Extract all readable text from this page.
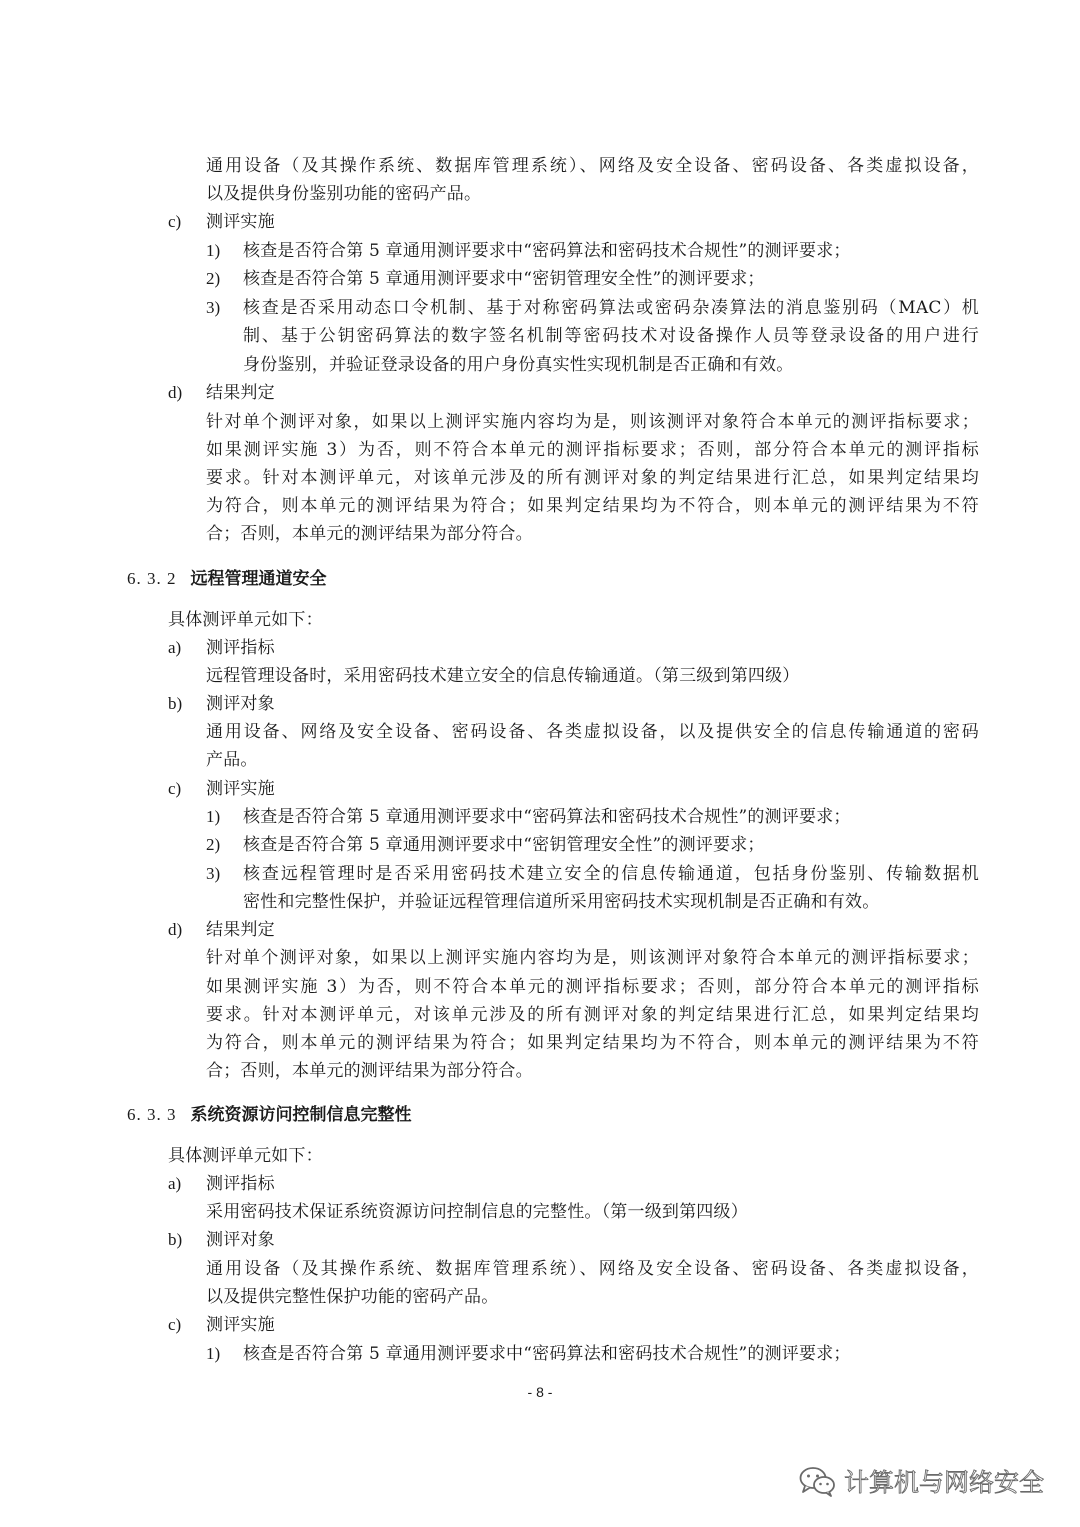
通用设备（及其操作系统、数据库管理系统）、网络及安全设备、密码设备、各类虚拟设备，
以及提供身份鉴别功能的密码产品。
c) 测评实施
1) 核查是否符合第 5 章通用测评要求中“密码算法和密码技术合规性”的测评要求；
2) 核查是否符合第 5 章通用测评要求中“密钥管理安全性”的测评要求；
3) 核查是否采用动态口令机制、基于对称密码算法或密码杂凑算法的消息鉴别码（MAC）机
制、基于公钥密码算法的数字签名机制等密码技术对设备操作人员等登录设备的用户进行
身份鉴别，并验证登录设备的用户身份真实性实现机制是否正确和有效。
d) 结果判定
针对单个测评对象，如果以上测评实施内容均为是，则该测评对象符合本单元的测评指标要求；
如果测评实施 3）为否，则不符合本单元的测评指标要求；否则，部分符合本单元的测评指标
要求。针对本测评单元，对该单元涉及的所有测评对象的判定结果进行汇总，如果判定结果均
为符合，则本单元的测评结果为符合；如果判定结果均为不符合，则本单元的测评结果为不符
合；否则，本单元的测评结果为部分符合。
6. 3. 2 远程管理通道安全
具体测评单元如下：
a) 测评指标
远程管理设备时，采用密码技术建立安全的信息传输通道。（第三级到第四级）
b) 测评对象
通用设备、网络及安全设备、密码设备、各类虚拟设备，以及提供安全的信息传输通道的密码
产品。
c) 测评实施
1) 核查是否符合第 5 章通用测评要求中“密码算法和密码技术合规性”的测评要求；
2) 核查是否符合第 5 章通用测评要求中“密钥管理安全性”的测评要求；
3) 核查远程管理时是否采用密码技术建立安全的信息传输通道，包括身份鉴别、传输数据机
密性和完整性保护，并验证远程管理信道所采用密码技术实现机制是否正确和有效。
d) 结果判定
针对单个测评对象，如果以上测评实施内容均为是，则该测评对象符合本单元的测评指标要求；
如果测评实施 3）为否，则不符合本单元的测评指标要求；否则，部分符合本单元的测评指标
要求。针对本测评单元，对该单元涉及的所有测评对象的判定结果进行汇总，如果判定结果均
为符合，则本单元的测评结果为符合；如果判定结果均为不符合，则本单元的测评结果为不符
合；否则，本单元的测评结果为部分符合。
6. 3. 3 系统资源访问控制信息完整性
具体测评单元如下：
a) 测评指标
采用密码技术保证系统资源访问控制信息的完整性。（第一级到第四级）
b) 测评对象
通用设备（及其操作系统、数据库管理系统）、网络及安全设备、密码设备、各类虚拟设备，
以及提供完整性保护功能的密码产品。
c) 测评实施
1) 核查是否符合第 5 章通用测评要求中“密码算法和密码技术合规性”的测评要求；
- 8 -
计算机与网络安全
